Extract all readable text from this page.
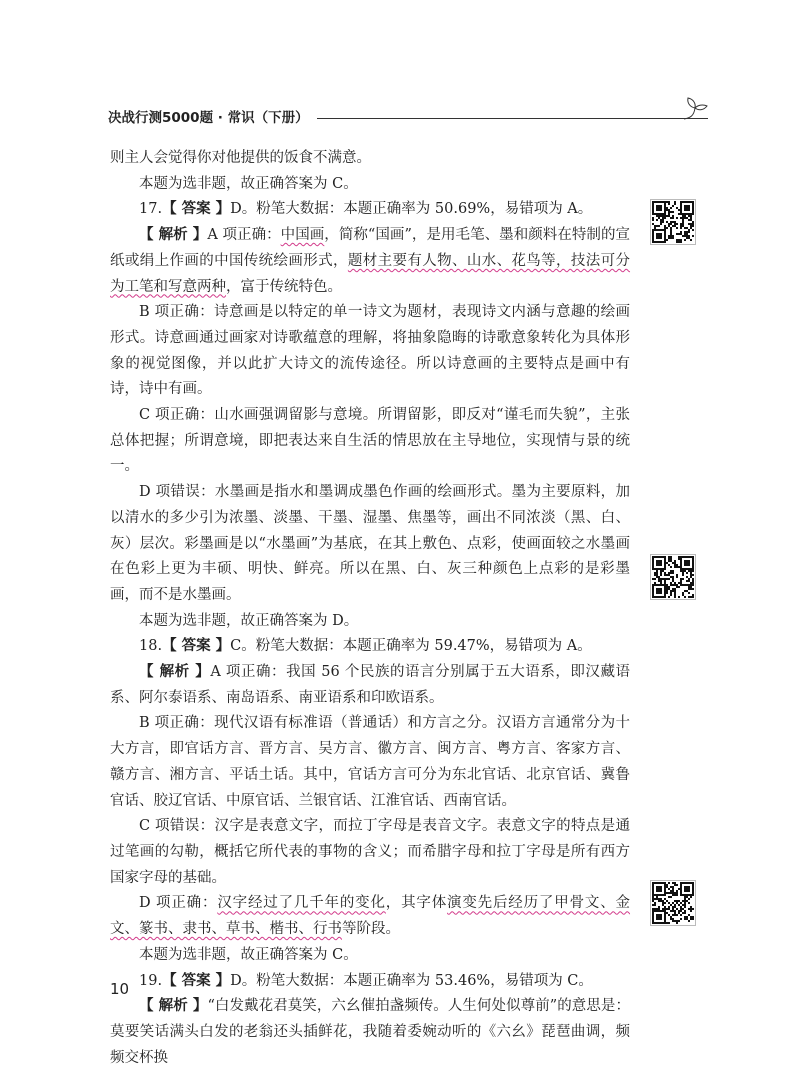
决战行测5000题 · 常识（下册）

则主人会觉得你对他提供的饭食不满意。

本题为选非题，故正确答案为 C。

17.【 答案 】D。粉笔大数据：本题正确率为 50.69%，易错项为 A。

【 解析 】A 项正确：中国画，简称“国画”，是用毛笔、墨和颜料在特制的宣纸或绢上作画的中国传统绘画形式，题材主要有人物、山水、花鸟等，技法可分为工笔和写意两种，富于传统特色。

B 项正确：诗意画是以特定的单一诗文为题材，表现诗文内涵与意趣的绘画形式。诗意画通过画家对诗歌蕴意的理解，将抽象隐晦的诗歌意象转化为具体形象的视觉图像，并以此扩大诗文的流传途径。所以诗意画的主要特点是画中有诗，诗中有画。

C 项正确：山水画强调留影与意境。所谓留影，即反对“谨毛而失貌”，主张总体把握；所谓意境，即把表达来自生活的情思放在主导地位，实现情与景的统一。

D 项错误：水墨画是指水和墨调成墨色作画的绘画形式。墨为主要原料，加以清水的多少引为浓墨、淡墨、干墨、湿墨、焦墨等，画出不同浓淡（黑、白、灰）层次。彩墨画是以“水墨画”为基底，在其上敷色、点彩，使画面较之水墨画在色彩上更为丰硕、明快、鲜亮。所以在黑、白、灰三种颜色上点彩的是彩墨画，而不是水墨画。

本题为选非题，故正确答案为 D。

18.【 答案 】C。粉笔大数据：本题正确率为 59.47%，易错项为 A。

【 解析 】A 项正确：我国 56 个民族的语言分别属于五大语系，即汉藏语系、阿尔泰语系、南岛语系、南亚语系和印欧语系。

B 项正确：现代汉语有标准语（普通话）和方言之分。汉语方言通常分为十大方言，即官话方言、晋方言、吴方言、徽方言、闽方言、粤方言、客家方言、赣方言、湘方言、平话土话。其中，官话方言可分为东北官话、北京官话、冀鲁官话、胶辽官话、中原官话、兰银官话、江淮官话、西南官话。

C 项错误：汉字是表意文字，而拉丁字母是表音文字。表意文字的特点是通过笔画的勾勒，概括它所代表的事物的含义；而希腊字母和拉丁字母是所有西方国家字母的基础。

D 项正确：汉字经过了几千年的变化，其字体演变先后经历了甲骨文、金文、篆书、隶书、草书、楷书、行书等阶段。

本题为选非题，故正确答案为 C。

19.【 答案 】D。粉笔大数据：本题正确率为 53.46%，易错项为 C。

【 解析 】“白发戴花君莫笑，六幺催拍盏频传。人生何处似尊前”的意思是：莫要笑话满头白发的老翁还头插鲜花，我随着委婉动听的《六幺》琵琶曲调，频频交杯换

10
